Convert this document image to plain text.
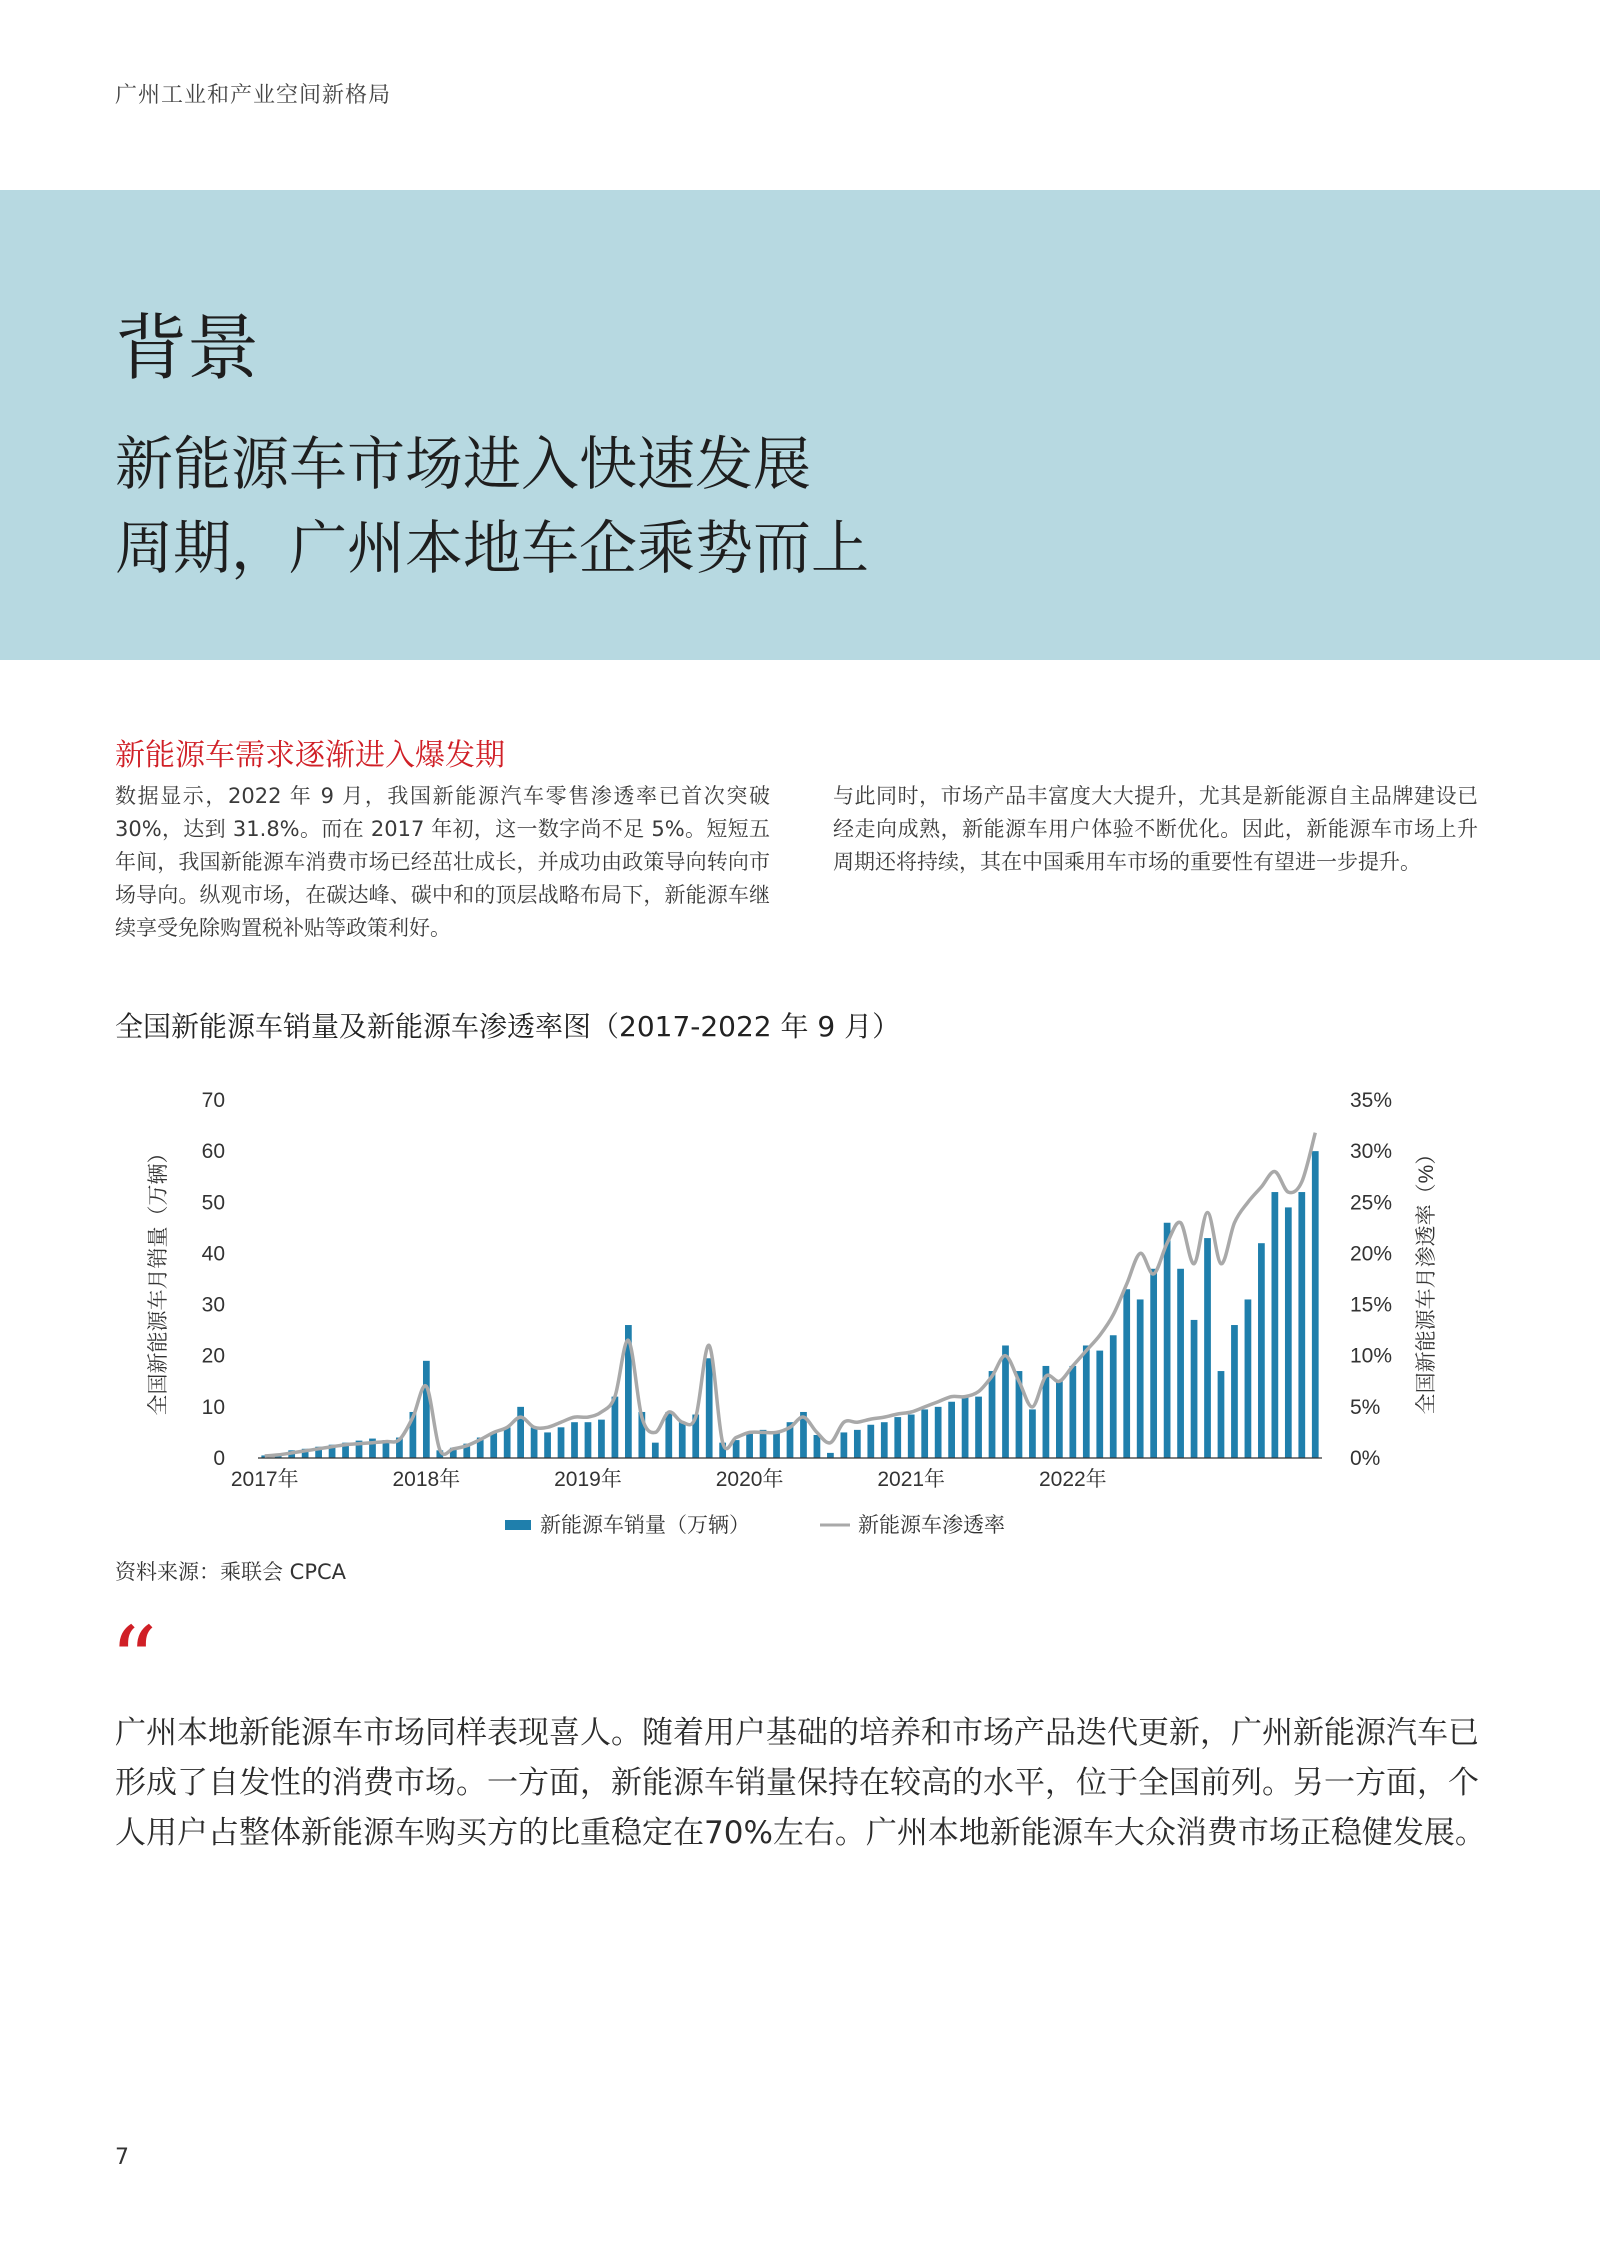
广州工业和产业空间新格局
背景
新能源车市场进入快速发展
周期，广州本地车企乘势而上
新能源车需求逐渐进入爆发期

数据显示，2022 年 9 月，我国新能源汽车零售渗透率已首次突破 30%，达到 31.8%。而在 2017 年初，这一数字尚不足 5%。短短五年间，我国新能源车消费市场已经茁壮成长，并成功由政策导向转向市场导向。纵观市场，在碳达峰、碳中和的顶层战略布局下，新能源车继续享受免除购置税补贴等政策利好。

与此同时，市场产品丰富度大大提升，尤其是新能源自主品牌建设已经走向成熟，新能源车用户体验不断优化。因此，新能源车市场上升周期还将持续，其在中国乘用车市场的重要性有望进一步提升。

全国新能源车销量及新能源车渗透率图（2017-2022 年 9 月）
0
10
20
30
40
50
60
70
0%
5%
10%
15%
20%
25%
30%
35%
全国新能源车月销量（万辆）	全国新能源车月渗透率（%）
2017年	2018年	2019年	2020年	2021年	2022年
新能源车销量（万辆）	新能源车渗透率
资料来源：乘联会 CPCA
“

广州本地新能源车市场同样表现喜人。随着用户基础的培养和市场产品迭代更新，广州新能源汽车已形成了自发性的消费市场。一方面，新能源车销量保持在较高的水平，位于全国前列。另一方面，个人用户占整体新能源车购买方的比重稳定在70%左右。广州本地新能源车大众消费市场正稳健发展。

7
